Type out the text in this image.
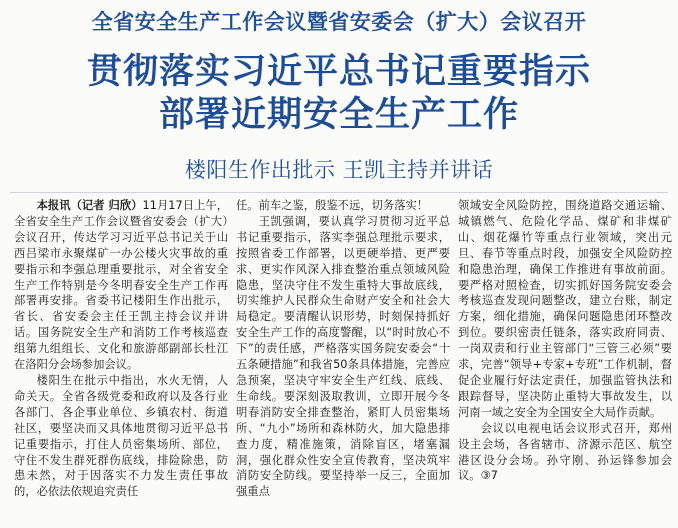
全省安全生产工作会议暨省安委会（扩大）会议召开
贯彻落实习近平总书记重要指示
部署近期安全生产工作
楼阳生作出批示 王凯主持并讲话

本报讯（记者 归欣）11月17日上午，全省安全生产工作会议暨省安委会（扩大）会议召开，传达学习习近平总书记关于山西吕梁市永聚煤矿一办公楼火灾事故的重要指示和李强总理重要批示，对全省安全生产工作特别是今冬明春安全生产工作再部署再安排。省委书记楼阳生作出批示，省长、省安委会主任王凯主持会议并讲话。国务院安全生产和消防工作考核巡查组第九组组长、文化和旅游部副部长杜江在洛阳分会场参加会议。

楼阳生在批示中指出，水火无情，人命关天。全省各级党委和政府以及各行业各部门、各企事业单位、乡镇农村、街道社区，要坚决而又具体地贯彻习近平总书记重要指示，打住人员密集场所、部位，守住不发生群死群伤底线，排险除患，防患未然，对于因落实不力发生责任事故的，必依法依规追究责任

任。前车之鉴，殷鉴不远，切务落实！

王凯强调，要认真学习贯彻习近平总书记重要指示，落实李强总理批示要求，按照省委工作部署，以更硬举措、更严要求、更实作风深入排查整治重点领域风险隐患，坚决守住不发生重特大事故底线，切实维护人民群众生命财产安全和社会大局稳定。要清醒认识形势，时刻保持抓好安全生产工作的高度警醒，以“时时放心不下”的责任感，严格落实国务院安委会“十五条硬措施”和我省50条具体措施，完善应急预案，坚决守牢安全生产红线、底线、生命线。要深刻汲取教训，立即开展今冬明春消防安全排查整治，紧盯人员密集场所、“九小”场所和森林防火，加大隐患排查力度，精准施策，消除盲区，堵塞漏洞，强化群众性安全宣传教育，坚决筑牢消防安全防线。要坚持举一反三，全面加强重点

领域安全风险防控，围绕道路交通运输、城镇燃气、危险化学品、煤矿和非煤矿山、烟花爆竹等重点行业领域，突出元旦、春节等重点时段，加强安全风险防控和隐患治理，确保工作推进有事故前面。要严格对照检查，切实抓好国务院安委会考核巡查发现问题整改，建立台账，制定方案，细化措施，确保问题隐患闭环整改到位。要织密责任链条，落实政府同责、一岗双责和行业主管部门“三管三必须”要求，完善“领导+专家+专班”工作机制，督促企业履行好法定责任，加强监管执法和跟踪督导，坚决防止重特大事故发生，以河南一域之安全为全国安全大局作贡献。

会议以电视电话会议形式召开，郑州设主会场，各省辖市、济源示范区、航空港区设分会场。孙守刚、孙运锋参加会议。③7
